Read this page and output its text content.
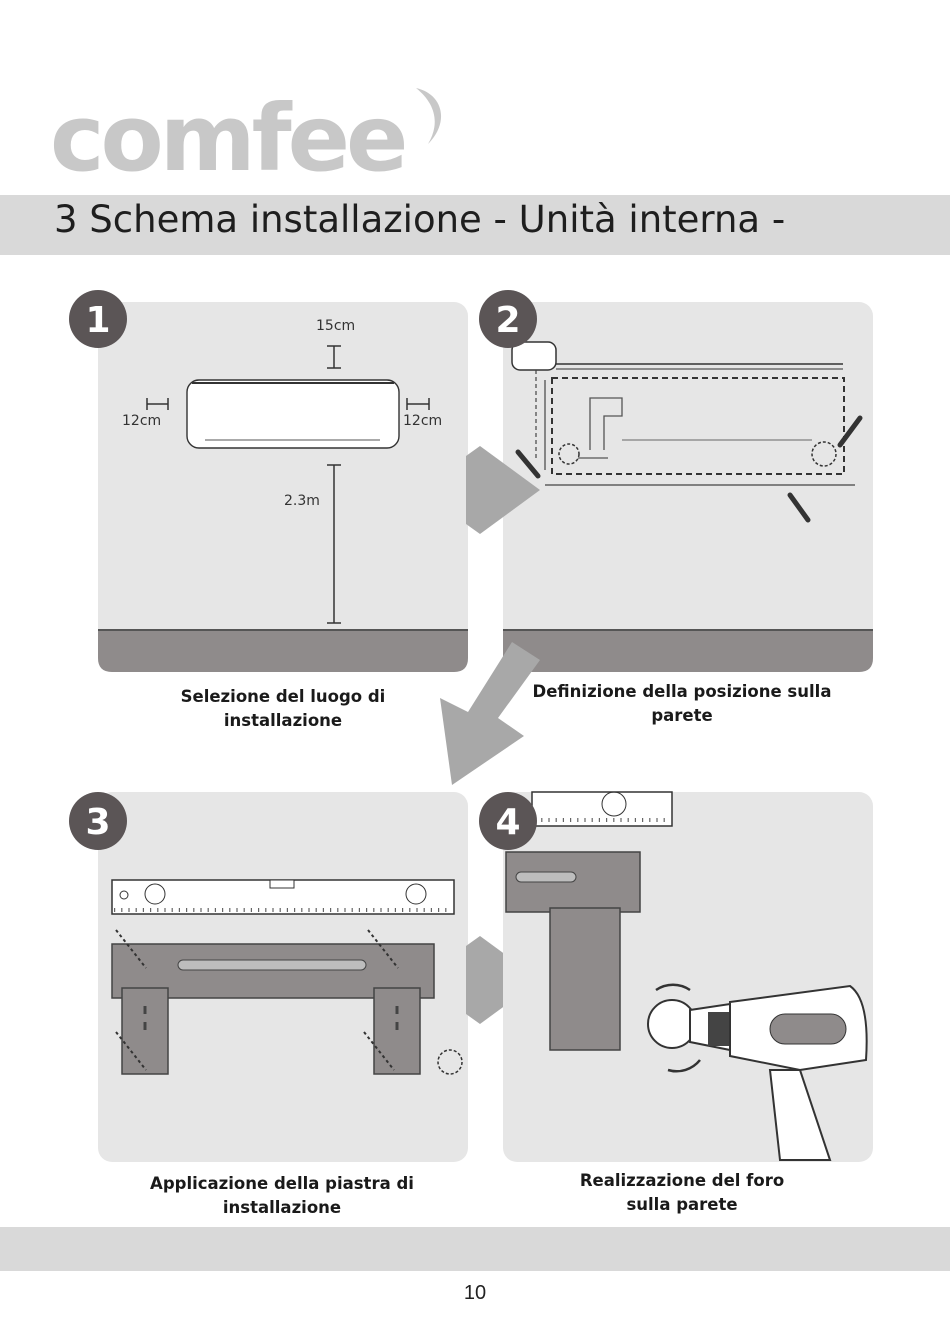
comfee
3 Schema installazione - Unità interna -
15cm
12cm	12cm
2.3m
1	2
3	4
Selezione del luogo di
installazione
Definizione della posizione sulla
parete
Applicazione della piastra di
installazione
Realizzazione del foro
sulla parete
10
